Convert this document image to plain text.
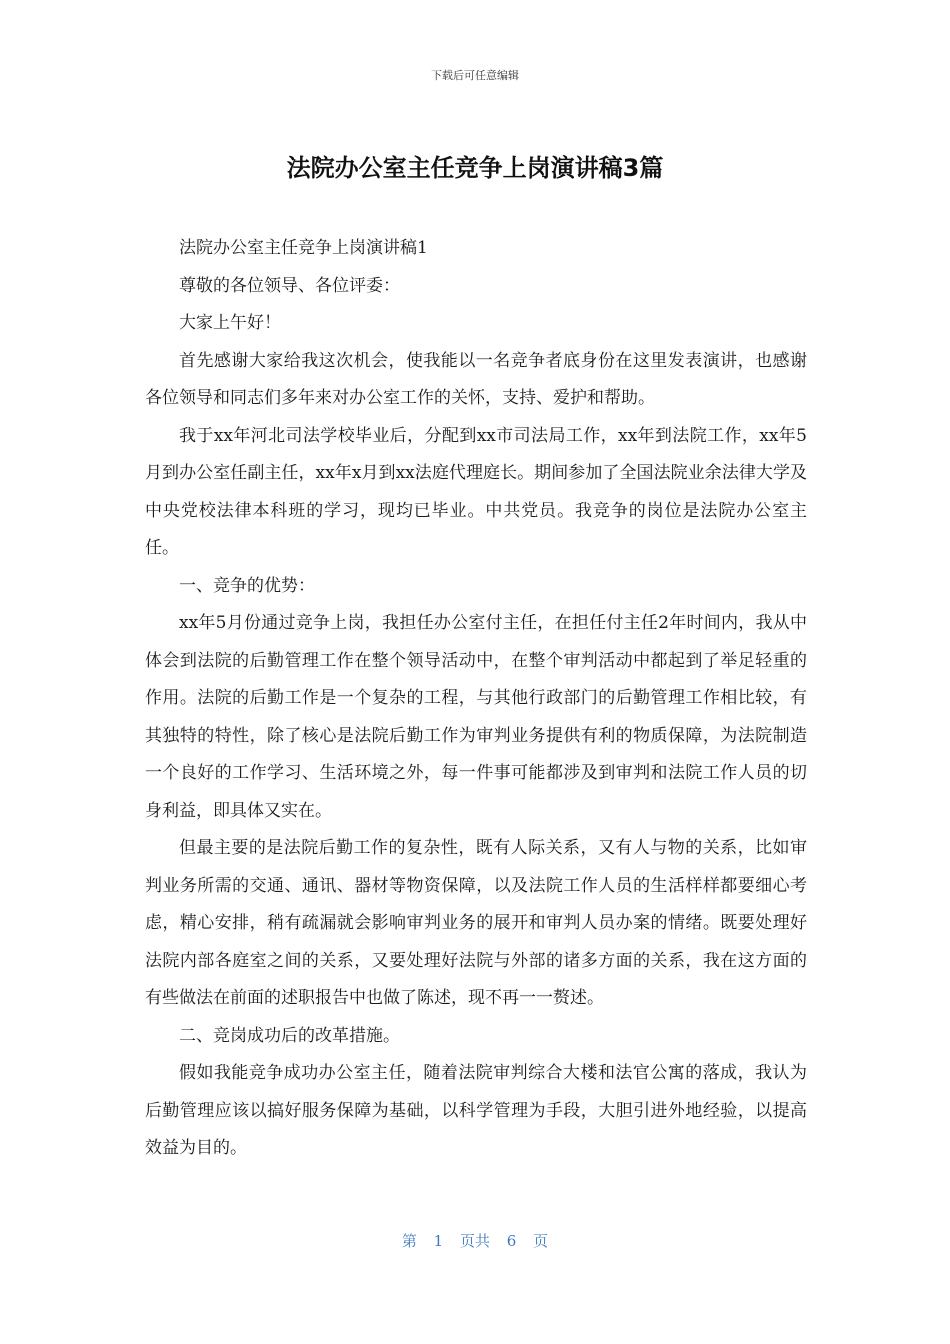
下载后可任意编辑
法院办公室主任竞争上岗演讲稿3篇

法院办公室主任竞争上岗演讲稿1

尊敬的各位领导、各位评委：

大家上午好！

首先感谢大家给我这次机会，使我能以一名竞争者底身份在这里发表演讲，也感谢各位领导和同志们多年来对办公室工作的关怀，支持、爱护和帮助。

我于xx年河北司法学校毕业后，分配到xx市司法局工作，xx年到法院工作，xx年5月到办公室任副主任，xx年x月到xx法庭代理庭长。期间参加了全国法院业余法律大学及中央党校法律本科班的学习，现均已毕业。中共党员。我竞争的岗位是法院办公室主任。

一、竞争的优势：

xx年5月份通过竞争上岗，我担任办公室付主任，在担任付主任2年时间内，我从中体会到法院的后勤管理工作在整个领导活动中，在整个审判活动中都起到了举足轻重的作用。法院的后勤工作是一个复杂的工程，与其他行政部门的后勤管理工作相比较，有其独特的特性，除了核心是法院后勤工作为审判业务提供有利的物质保障，为法院制造一个良好的工作学习、生活环境之外，每一件事可能都涉及到审判和法院工作人员的切身利益，即具体又实在。

但最主要的是法院后勤工作的复杂性，既有人际关系，又有人与物的关系，比如审判业务所需的交通、通讯、器材等物资保障，以及法院工作人员的生活样样都要细心考虑，精心安排，稍有疏漏就会影响审判业务的展开和审判人员办案的情绪。既要处理好法院内部各庭室之间的关系，又要处理好法院与外部的诸多方面的关系，我在这方面的有些做法在前面的述职报告中也做了陈述，现不再一一赘述。

二、竞岗成功后的改革措施。

假如我能竞争成功办公室主任，随着法院审判综合大楼和法官公寓的落成，我认为后勤管理应该以搞好服务保障为基础，以科学管理为手段，大胆引进外地经验，以提高效益为目的。

第 1 页共 6 页
